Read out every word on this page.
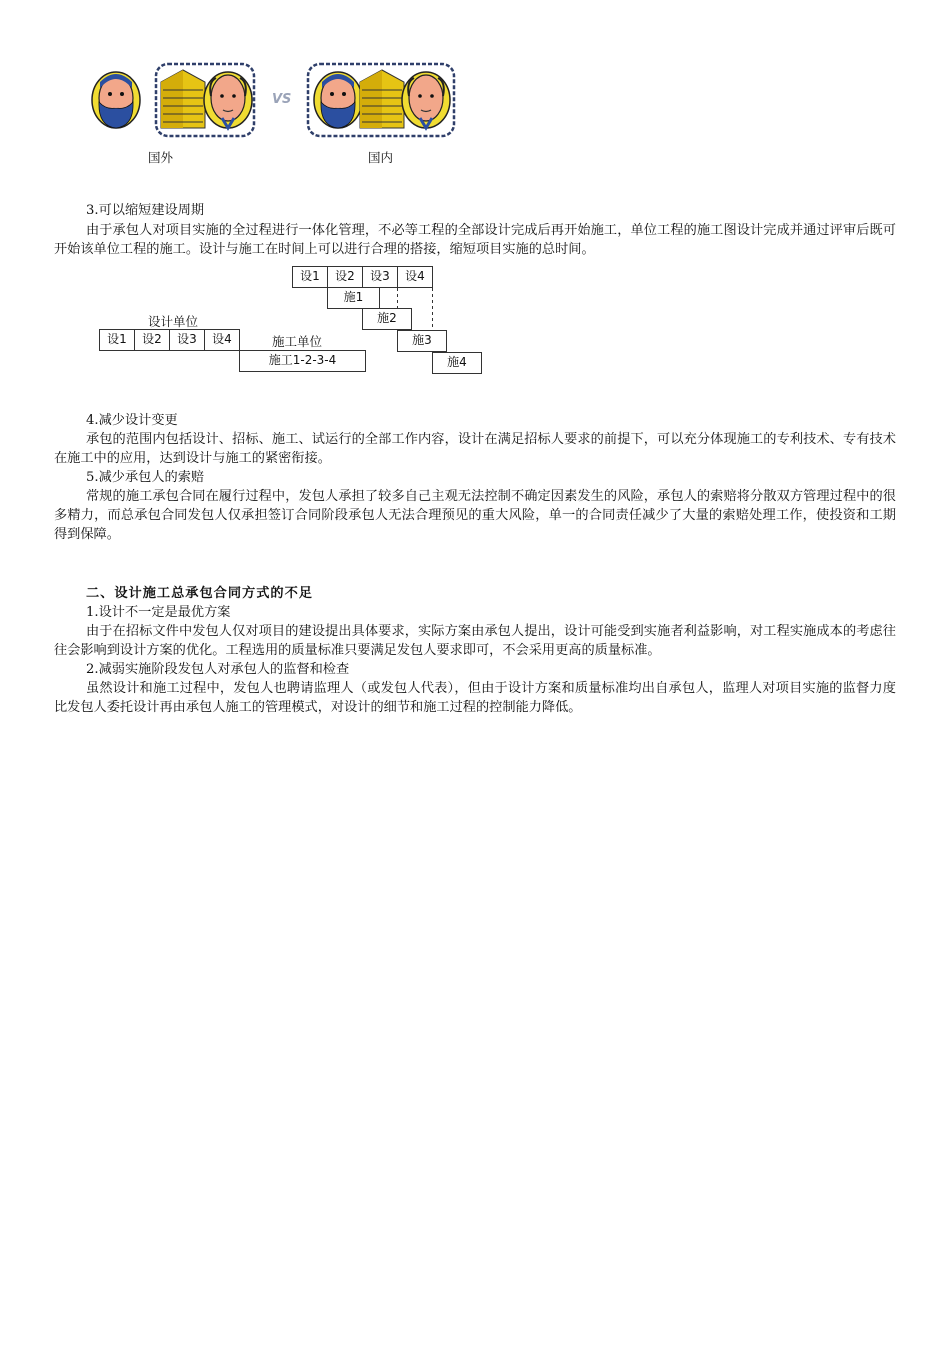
VS
国外	国内

3.可以缩短建设周期

由于承包人对项目实施的全过程进行一体化管理，不必等工程的全部设计完成后再开始施工，单位工程的施工图设计完成并通过评审后既可开始该单位工程的施工。设计与施工在时间上可以进行合理的搭接，缩短项目实施的总时间。

设计单位
施工单位
设1	设2	设3	设4
施工1-2-3-4
设1	设2	设3	设4
施1
施2
施3
施4

4.减少设计变更

承包的范围内包括设计、招标、施工、试运行的全部工作内容，设计在满足招标人要求的前提下，可以充分体现施工的专利技术、专有技术在施工中的应用，达到设计与施工的紧密衔接。

5.减少承包人的索赔

常规的施工承包合同在履行过程中，发包人承担了较多自己主观无法控制不确定因素发生的风险，承包人的索赔将分散双方管理过程中的很多精力，而总承包合同发包人仅承担签订合同阶段承包人无法合理预见的重大风险，单一的合同责任减少了大量的索赔处理工作，使投资和工期得到保障。

二、设计施工总承包合同方式的不足

1.设计不一定是最优方案

由于在招标文件中发包人仅对项目的建设提出具体要求，实际方案由承包人提出，设计可能受到实施者利益影响，对工程实施成本的考虑往往会影响到设计方案的优化。工程选用的质量标准只要满足发包人要求即可，不会采用更高的质量标准。

2.减弱实施阶段发包人对承包人的监督和检查

虽然设计和施工过程中，发包人也聘请监理人（或发包人代表），但由于设计方案和质量标准均出自承包人，监理人对项目实施的监督力度比发包人委托设计再由承包人施工的管理模式，对设计的细节和施工过程的控制能力降低。
